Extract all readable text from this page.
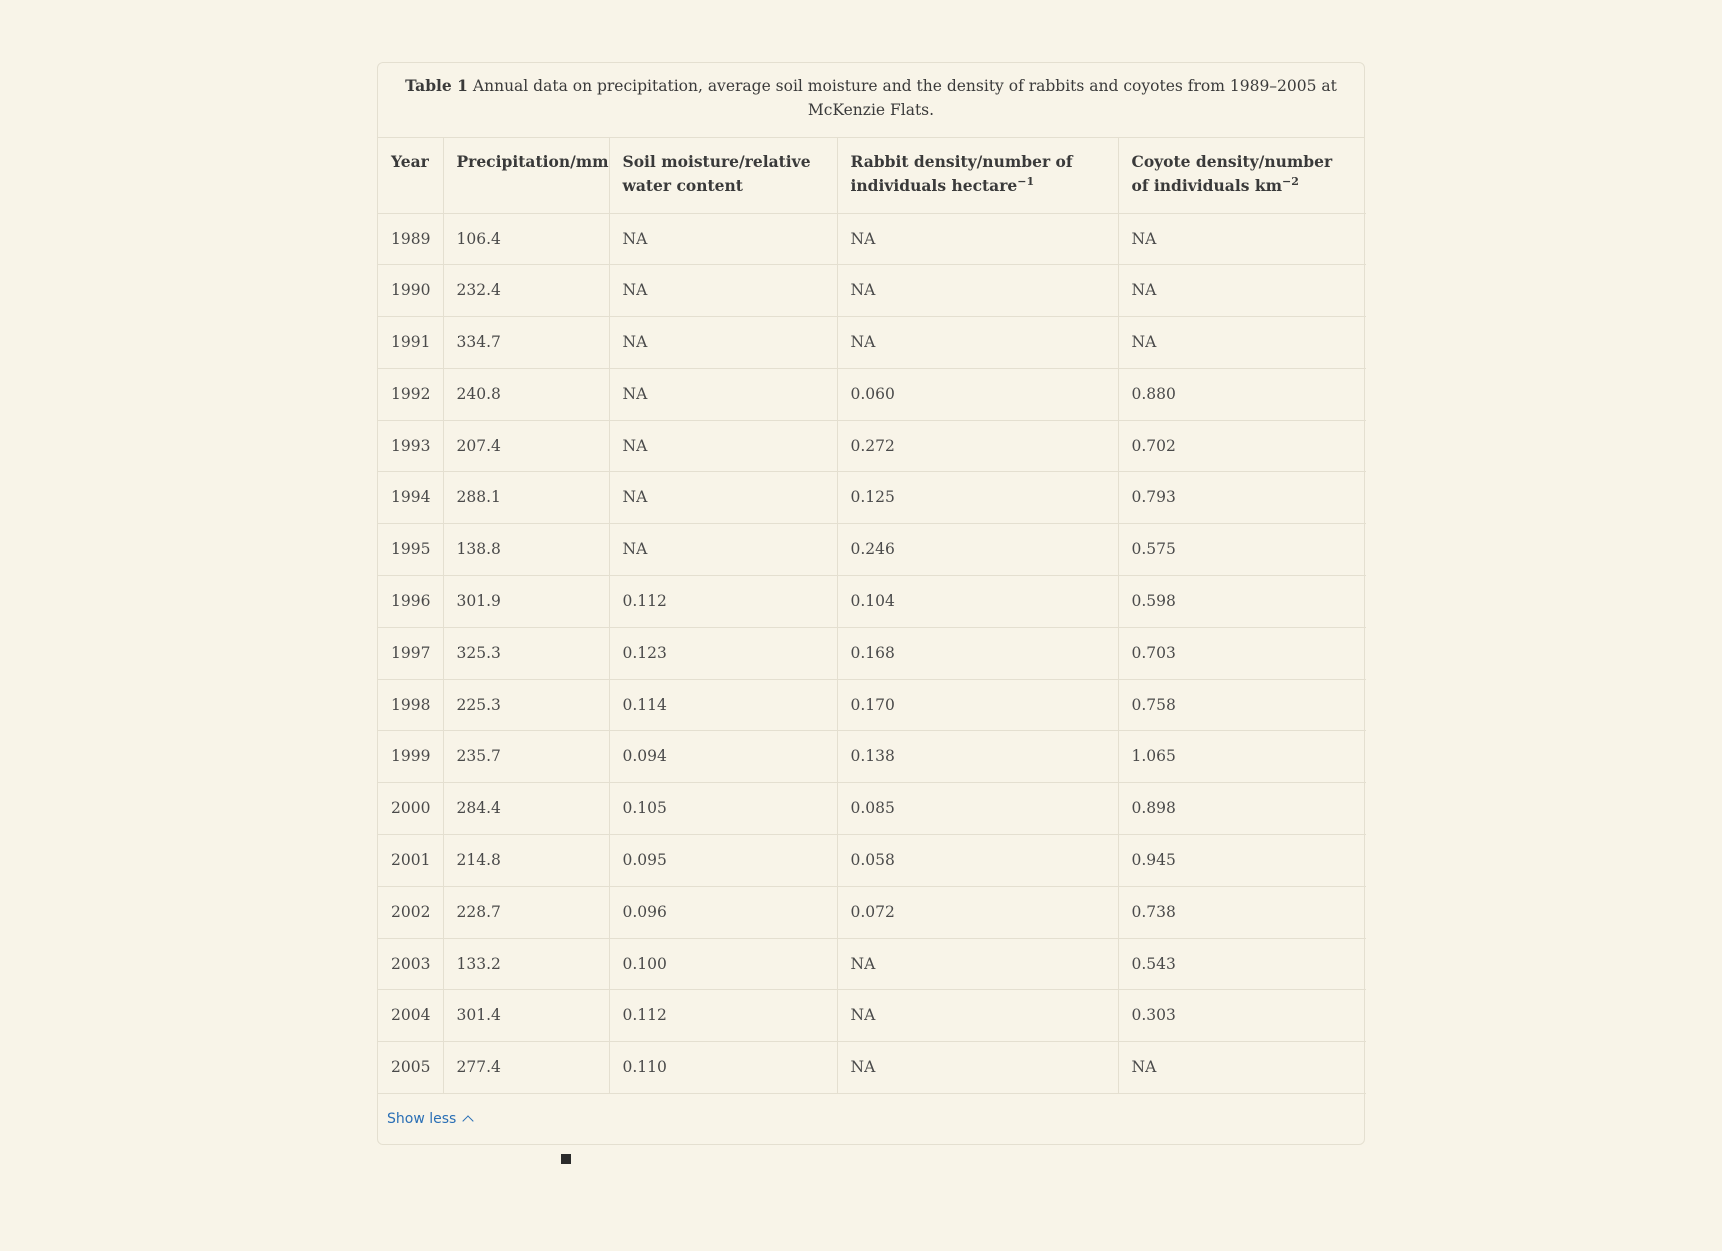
Table 1 Annual data on precipitation, average soil moisture and the density of rabbits and coyotes from 1989–2005 at McKenzie Flats.
Year	Precipitation/mm	Soil moisture/relative water content	Rabbit density/number of individuals hectare$^{-1}$	Coyote density/number of individuals $km^{-2}$
1989	106.4	NA	NA	NA
1990	232.4	NA	NA	NA
1991	334.7	NA	NA	NA
1992	240.8	NA	0.060	0.880
1993	207.4	NA	0.272	0.702
1994	288.1	NA	0.125	0.793
1995	138.8	NA	0.246	0.575
1996	301.9	0.112	0.104	0.598
1997	325.3	0.123	0.168	0.703
1998	225.3	0.114	0.170	0.758
1999	235.7	0.094	0.138	1.065
2000	284.4	0.105	0.085	0.898
2001	214.8	0.095	0.058	0.945
2002	228.7	0.096	0.072	0.738
2003	133.2	0.100	NA	0.543
2004	301.4	0.112	NA	0.303
2005	277.4	0.110	NA	NA
Show less
